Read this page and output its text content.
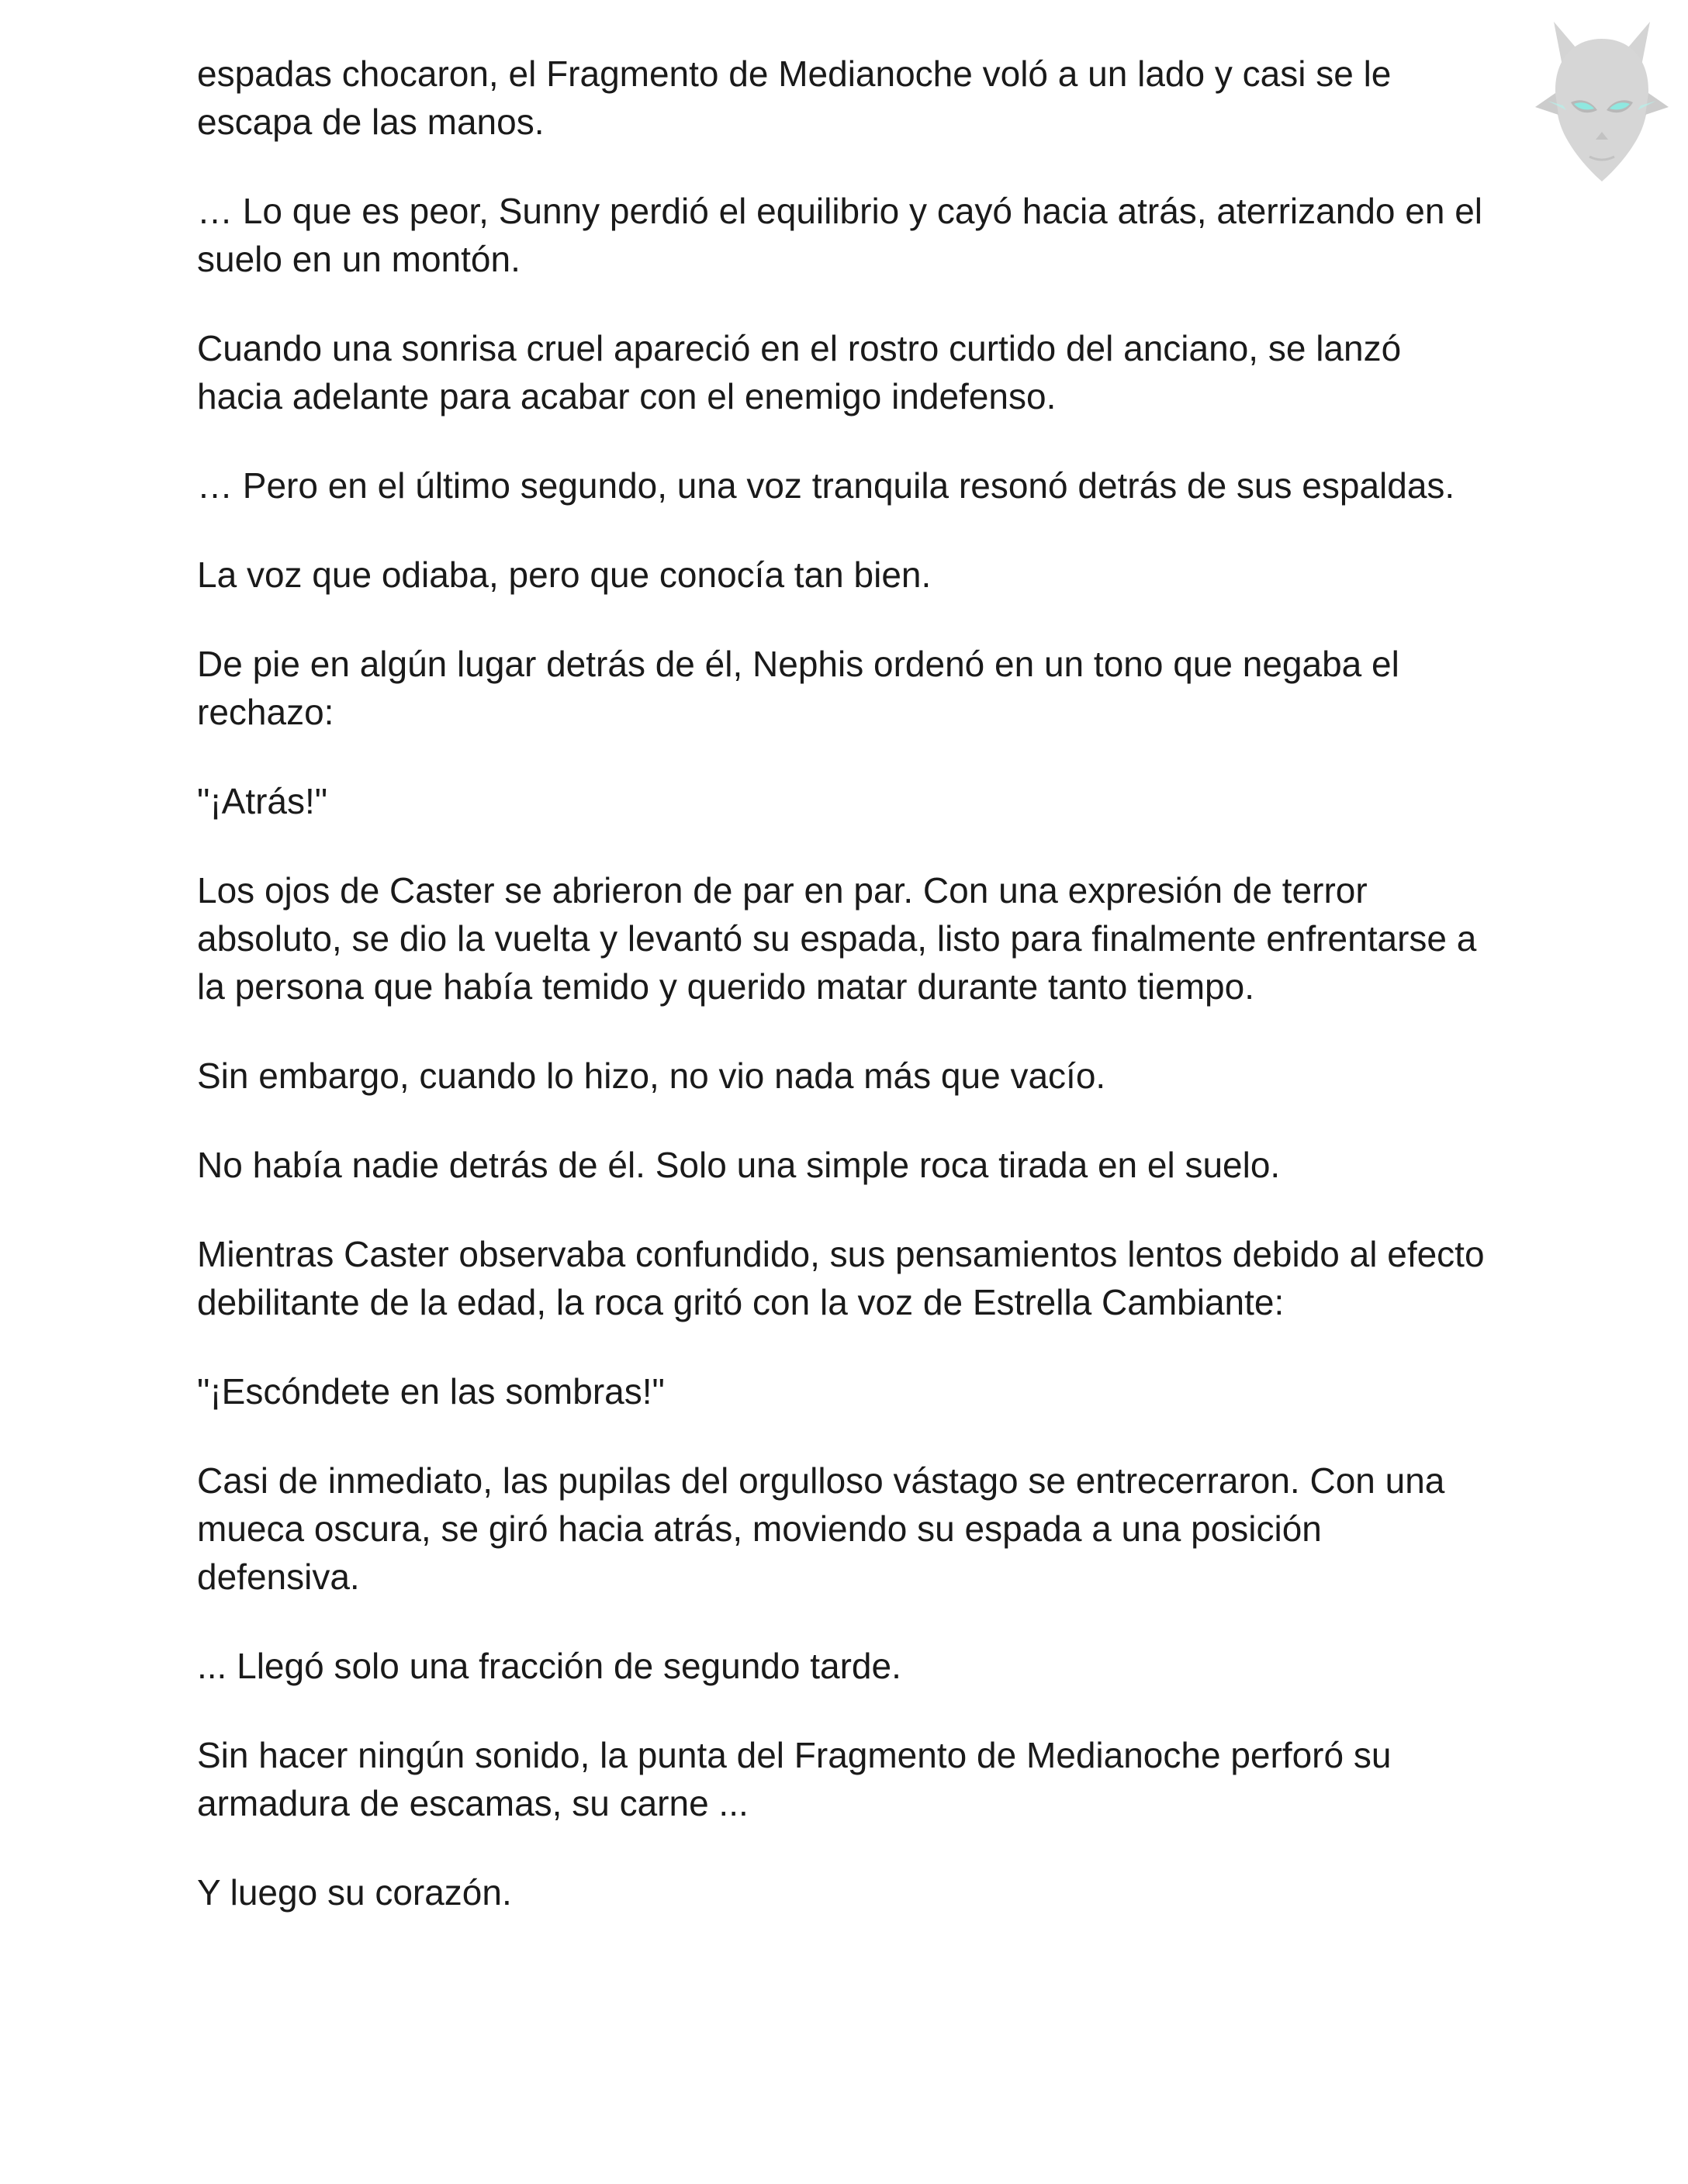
espadas chocaron, el Fragmento de Medianoche voló a un lado y casi se le escapa de las manos.

… Lo que es peor, Sunny perdió el equilibrio y cayó hacia atrás, aterrizando en el suelo en un montón.

Cuando una sonrisa cruel apareció en el rostro curtido del anciano, se lanzó hacia adelante para acabar con el enemigo indefenso.

… Pero en el último segundo, una voz tranquila resonó detrás de sus espaldas.

La voz que odiaba, pero que conocía tan bien.

De pie en algún lugar detrás de él, Nephis ordenó en un tono que negaba el rechazo:

"¡Atrás!"

Los ojos de Caster se abrieron de par en par. Con una expresión de terror absoluto, se dio la vuelta y levantó su espada, listo para finalmente enfrentarse a la persona que había temido y querido matar durante tanto tiempo.

Sin embargo, cuando lo hizo, no vio nada más que vacío.

No había nadie detrás de él. Solo una simple roca tirada en el suelo.

Mientras Caster observaba confundido, sus pensamientos lentos debido al efecto debilitante de la edad, la roca gritó con la voz de Estrella Cambiante:

"¡Escóndete en las sombras!"

Casi de inmediato, las pupilas del orgulloso vástago se entrecerraron. Con una mueca oscura, se giró hacia atrás, moviendo su espada a una posición defensiva.

... Llegó solo una fracción de segundo tarde.

Sin hacer ningún sonido, la punta del Fragmento de Medianoche perforó su armadura de escamas, su carne ...

Y luego su corazón.
